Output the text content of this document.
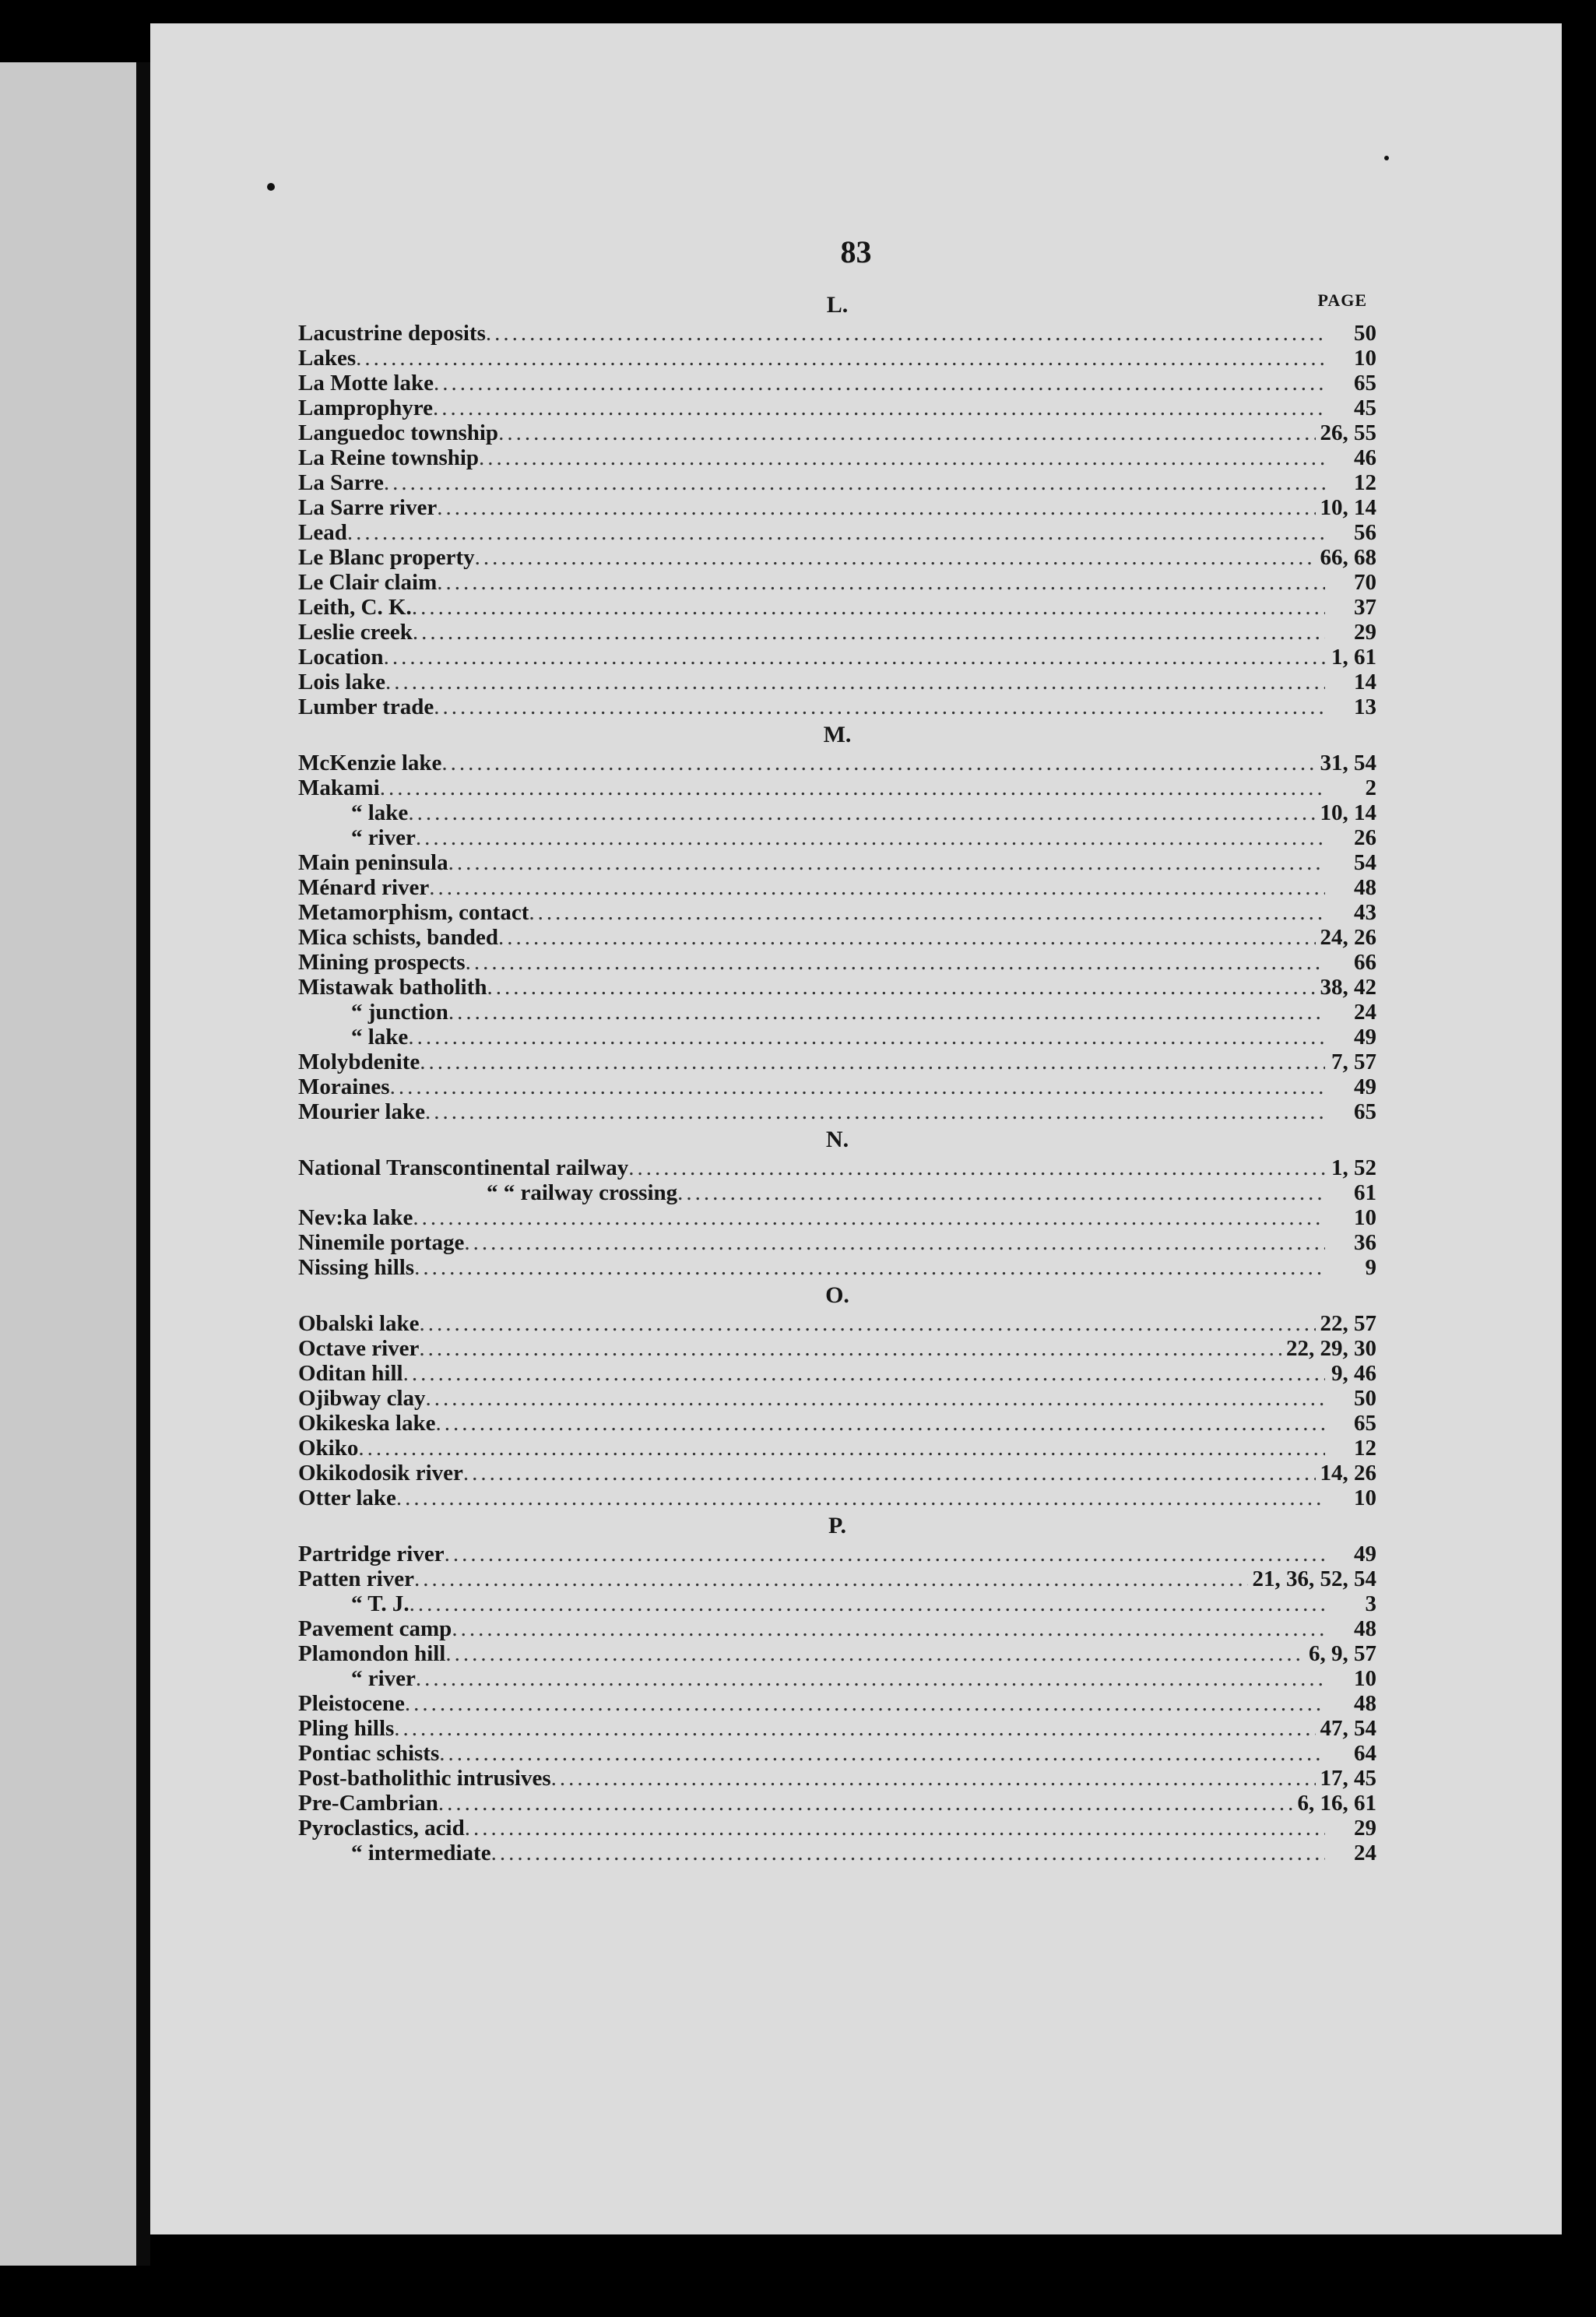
83
PAGE
L.
Lacustrine deposits .....	50
Lakes .....	10
La Motte lake .....	65
Lamprophyre .....	45
Languedoc township .....	26, 55
La Reine township .....	46
La Sarre .....	12
La Sarre river .....	10, 14
Lead .....	56
Le Blanc property .....	66, 68
Le Clair claim .....	70
Leith, C. K. .....	37
Leslie creek .....	29
Location .....	1, 61
Lois lake .....	14
Lumber trade .....	13
M.
McKenzie lake .....	31, 54
Makami .....	2
“ lake .....	10, 14
“ river .....	26
Main peninsula .....	54
Ménard river .....	48
Metamorphism, contact .....	43
Mica schists, banded .....	24, 26
Mining prospects .....	66
Mistawak batholith .....	38, 42
“ junction .....	24
“ lake .....	49
Molybdenite .....	7, 57
Moraines .....	49
Mourier lake .....	65
N.
National Transcontinental railway .....	1, 52
“ “ railway crossing .....	61
Nev:ka lake .....	10
Ninemile portage .....	36
Nissing hills .....	9
O.
Obalski lake .....	22, 57
Octave river .....	22, 29, 30
Oditan hill .....	9, 46
Ojibway clay .....	50
Okikeska lake .....	65
Okiko .....	12
Okikodosik river .....	14, 26
Otter lake .....	10
P.
Partridge river .....	49
Patten river .....	21, 36, 52, 54
“ T. J. .....	3
Pavement camp .....	48
Plamondon hill .....	6, 9, 57
“ river .....	10
Pleistocene .....	48
Pling hills .....	47, 54
Pontiac schists .....	64
Post-batholithic intrusives .....	17, 45
Pre-Cambrian .....	6, 16, 61
Pyroclastics, acid .....	29
“ intermediate .....	24
